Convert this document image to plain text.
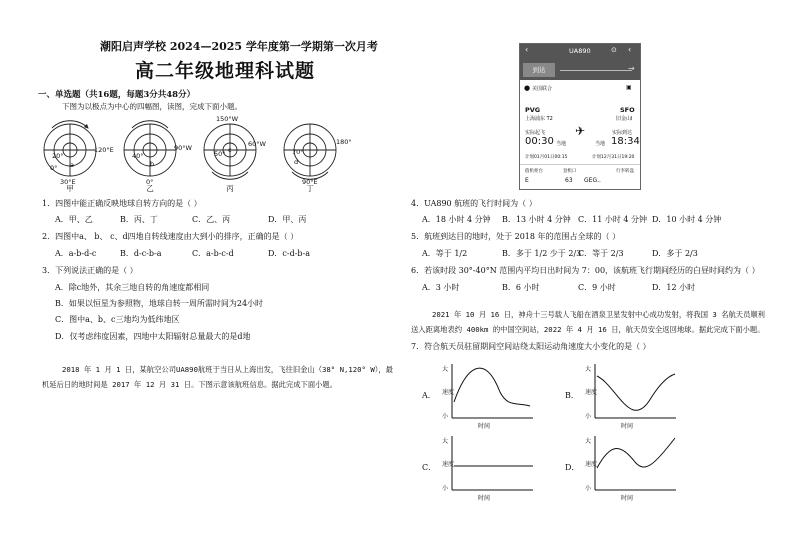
潮阳启声学校 2024—2025 学年度第一学期第一次月考
高二年级地理科试题
一、单选题（共16题，每题3分共48分）
下图为以极点为中心的四幅图，读图，完成下面小题。
120°E
20°
a
0°
30°E
90°W
40°
b
0°
150°W
60°W
50° c
180°
70°
d
90°E
甲	乙	丙	丁
1．四图中能正确反映地球自转方向的是（ ）
A．甲、乙	B．丙、丁	C．乙、丙	D．甲、丙
2．四图中a、 b、 c、d四地自转线速度由大到小的排序，正确的是（ ）
A．a-b-d-c	B．d-c-b-a	C．a-b-c-d	D．c-d-b-a
3．下列说法正确的是（ ）
A．除c地外，其余三地自转的角速度都相同
B．如果以恒星为参照物，地球自转一周所需时间为24小时
C．图中a、b、c三地均为低纬地区
D．仅考虑纬度因素，四地中太阳辐射总量最大的是d地
2018 年 1 月 1 日，某航空公司UA890航班于当日从上海出发，飞往旧金山（38° N,120° W），最
机延后日的地时间是 2017 年 12 月 31 日。下图示意该航班信息。据此完成下面小题。
‹	UA890	⊙ ‹
到达	→
● 美国联合	▣
PVG
上海浦东 T2
SFO
旧金山I
实际起飞
00:30 当地
✈	实际到达
当地 18:34
计划01月01日00:15	计划12月31日19:20
值机柜台	登机口	行李转盘
E	63 GEG..
4．UA890 航班的飞行时间为（ ）
A．18 小时 4 分钟 B．13 小时 4 分钟 C．11 小时 4 分钟 D．10 小时 4 分钟
5．航班到达目的地时，处于 2018 年的范围占全球的（ ）
A．等于 1/2	B．多于 1/2 少于 2/3
C．等于 2/3	D．多于 2/3
6．若该时段 30°-40°N 范围内平均日出时间为 7：00，该航班飞行期间经历的白昼时间约为（ ）
A．3 小时	B．6 小时	C．9 小时	D．12 小时
2021 年 10 月 16 日，神舟十三号载人飞船在酒泉卫星发射中心成功发射，将我国 3 名航天员顺利
送入距离地表约 400km 的中国空间站，2022 年 4 月 16 日，航天员安全返回地球。据此完成下面小题。
7．符合航天员驻留期间空间站绕太阳运动角速度大小变化的是（ ）
A．	B．
C．	D．
大
速度
小
时间
大
速度
小
时间
大
速度
小
时间
大
速度
小
时间
